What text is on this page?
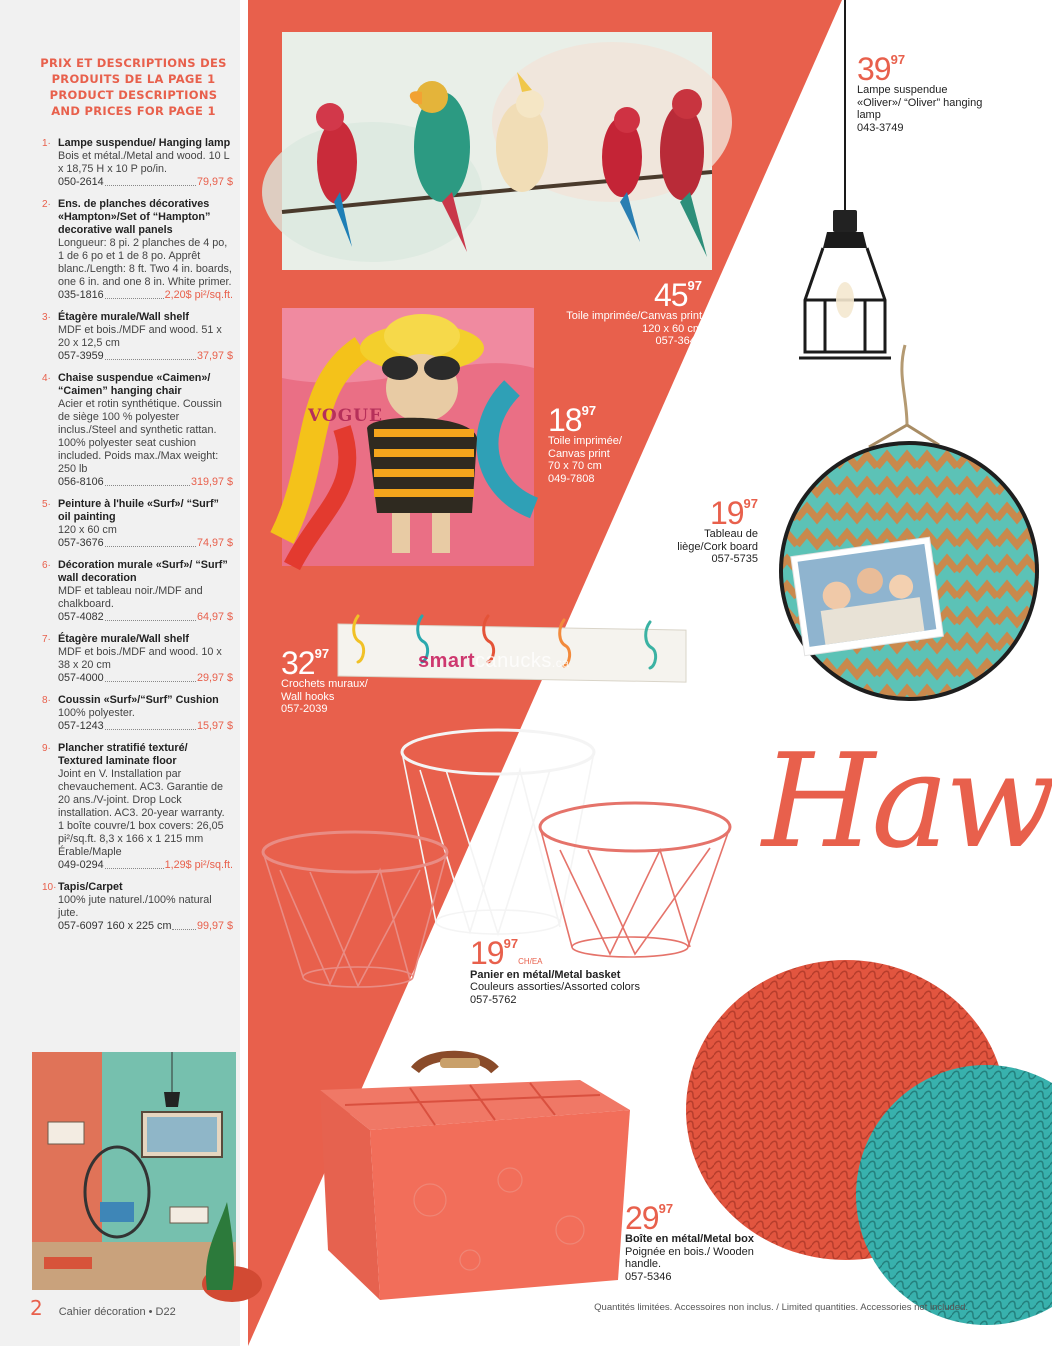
PRIX ET DESCRIPTIONS DES PRODUITS DE LA PAGE 1 PRODUCT DESCRIPTIONS AND PRICES FOR PAGE 1
1· Lampe suspendue/ Hanging lamp
Bois et métal./Metal and wood. 10 L x 18,75 H x 10 P po/in.
050-2614	79,97 $
2· Ens. de planches décoratives «Hampton»/Set of “Hampton” decorative wall panels
Longueur: 8 pi. 2 planches de 4 po, 1 de 6 po et 1 de 8 po. Apprêt blanc./Length: 8 ft. Two 4 in. boards, one 6 in. and one 8 in. White primer.
035-1816	2,20$ pi²/sq.ft.
3· Étagère murale/Wall shelf
MDF et bois./MDF and wood. 51 x 20 x 12,5 cm
057-3959	37,97 $
4· Chaise suspendue «Caimen»/ “Caimen” hanging chair
Acier et rotin synthétique. Coussin de siège 100 % polyester inclus./Steel and synthetic rattan. 100% polyester seat cushion included. Poids max./Max weight: 250 lb
056-8106	319,97 $
5· Peinture à l'huile «Surf»/ “Surf” oil painting
120 x 60 cm
057-3676	74,97 $
6· Décoration murale «Surf»/ “Surf” wall decoration
MDF et tableau noir./MDF and chalkboard.
057-4082	64,97 $
7· Étagère murale/Wall shelf
MDF et bois./MDF and wood. 10 x 38 x 20 cm
057-4000	29,97 $
8· Coussin «Surf»/“Surf” Cushion
100% polyester.
057-1243	15,97 $
9· Plancher stratifié texturé/ Textured laminate floor
Joint en V. Installation par chevauchement. AC3. Garantie de 20 ans./V-joint. Drop Lock installation. AC3. 20-year warranty. 1 boîte couvre/1 box covers: 26,05 pi²/sq.ft. 8,3 x 166 x 1 215 mm Érable/Maple
049-0294	1,29$ pi²/sq.ft.
10· Tapis/Carpet
100% jute naturel./100% natural jute.
057-6097 160 x 225 cm 99,97 $
VOGUE
smartcanucks.ca
Haw
3997
Lampe suspendue «Oliver»/ “Oliver” hanging lamp
043-3749
4597
Toile imprimée/Canvas print
120 x 60 cm
057-3649
1897
Toile imprimée/ Canvas print
70 x 70 cm
049-7808
1997
Tableau de liège/Cork board
057-5735
3297
Crochets muraux/ Wall hooks
057-2039
1997CH/EA
Panier en métal/Metal basket
Couleurs assorties/Assorted colors
057-5762
2997
Boîte en métal/Metal box
Poignée en bois./ Wooden handle.
057-5346
2 Cahier décoration • D22	Quantités limitées. Accessoires non inclus. / Limited quantities. Accessories not included.
